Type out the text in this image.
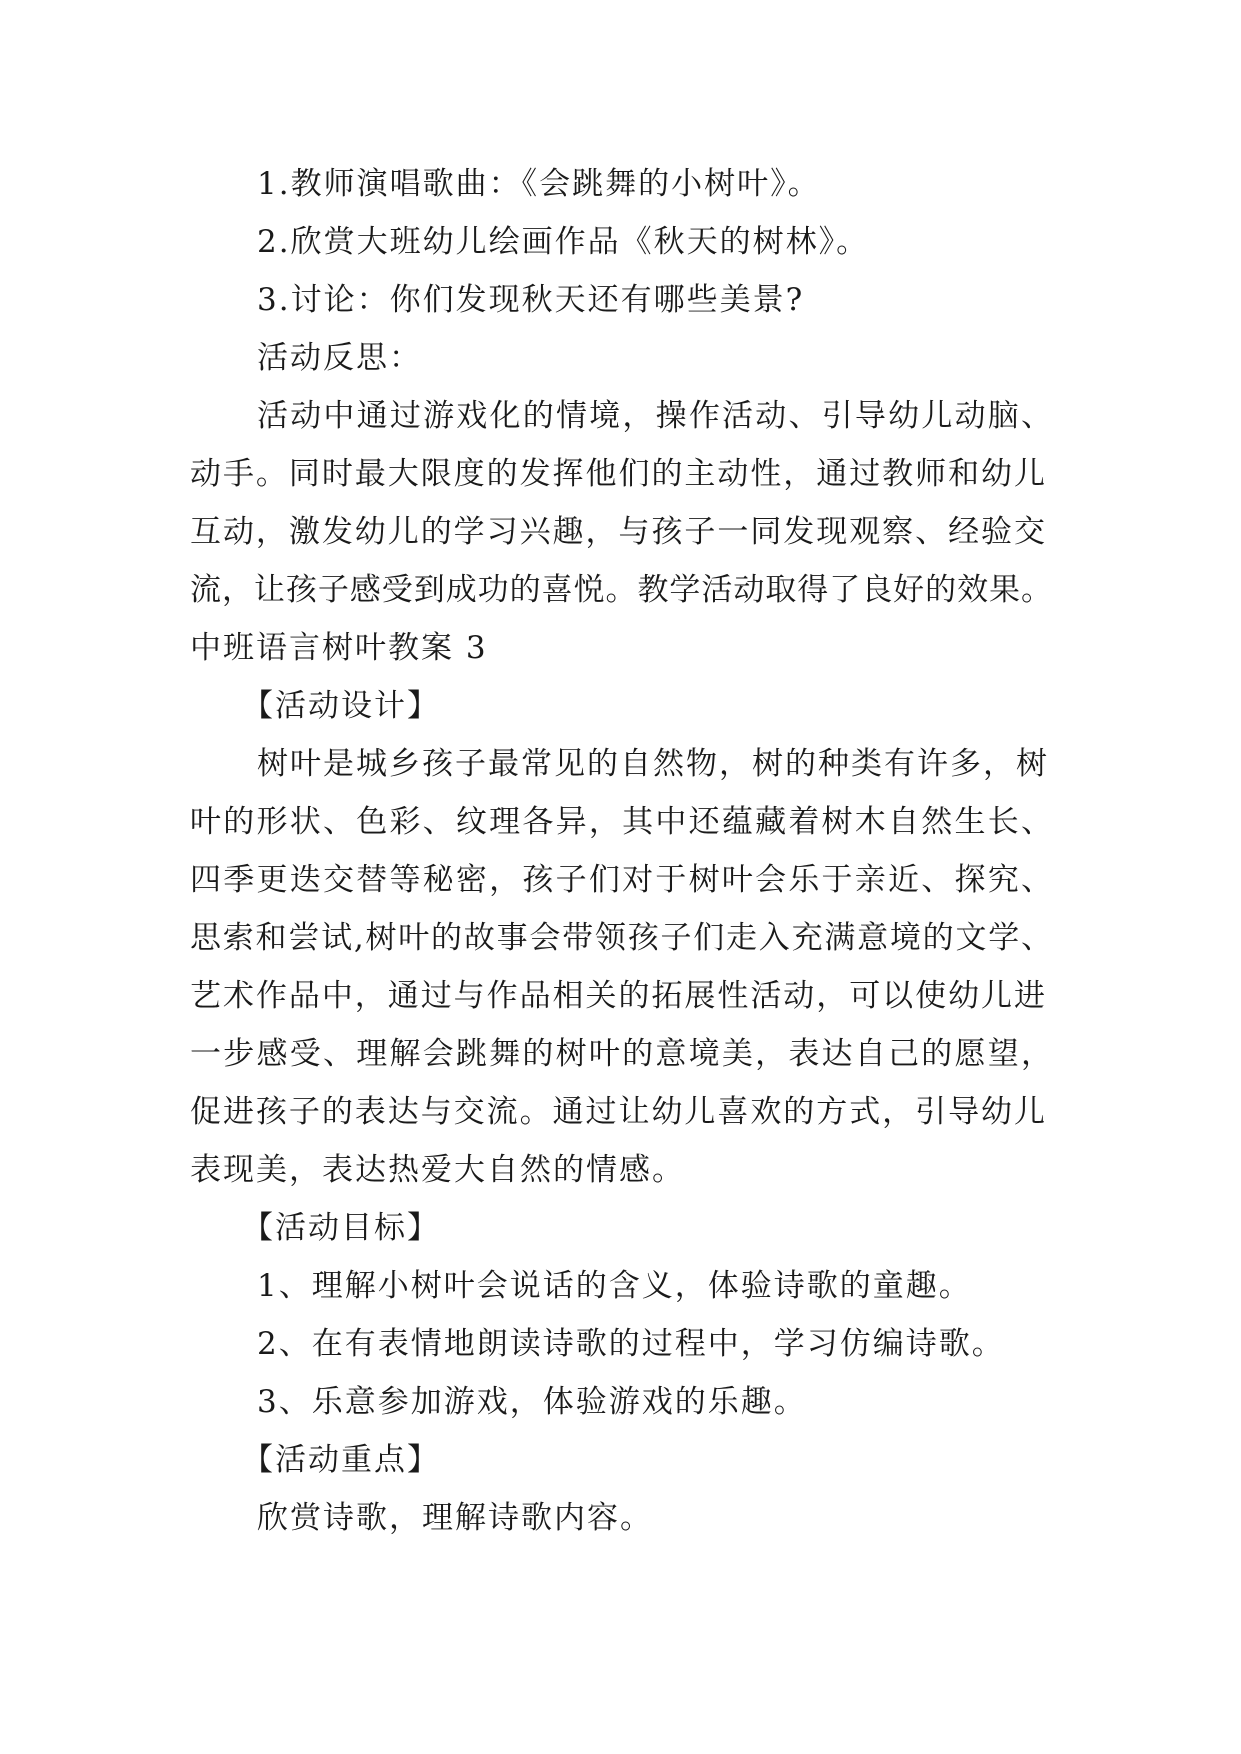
1.教师演唱歌曲：《会跳舞的小树叶》。
2.欣赏大班幼儿绘画作品《秋天的树林》。
3.讨论：你们发现秋天还有哪些美景?
活动反思：
活动中通过游戏化的情境，操作活动、引导幼儿动脑、
动手。同时最大限度的发挥他们的主动性，通过教师和幼儿
互动，激发幼儿的学习兴趣，与孩子一同发现观察、经验交
流，让孩子感受到成功的喜悦。教学活动取得了良好的效果。
中班语言树叶教案 3
【活动设计】
树叶是城乡孩子最常见的自然物，树的种类有许多，树
叶的形状、色彩、纹理各异，其中还蕴藏着树木自然生长、
四季更迭交替等秘密，孩子们对于树叶会乐于亲近、探究、
思索和尝试,树叶的故事会带领孩子们走入充满意境的文学、
艺术作品中，通过与作品相关的拓展性活动，可以使幼儿进
一步感受、理解会跳舞的树叶的意境美，表达自己的愿望，
促进孩子的表达与交流。通过让幼儿喜欢的方式，引导幼儿
表现美，表达热爱大自然的情感。
【活动目标】
1、理解小树叶会说话的含义，体验诗歌的童趣。
2、在有表情地朗读诗歌的过程中，学习仿编诗歌。
3、乐意参加游戏，体验游戏的乐趣。
【活动重点】
欣赏诗歌，理解诗歌内容。
